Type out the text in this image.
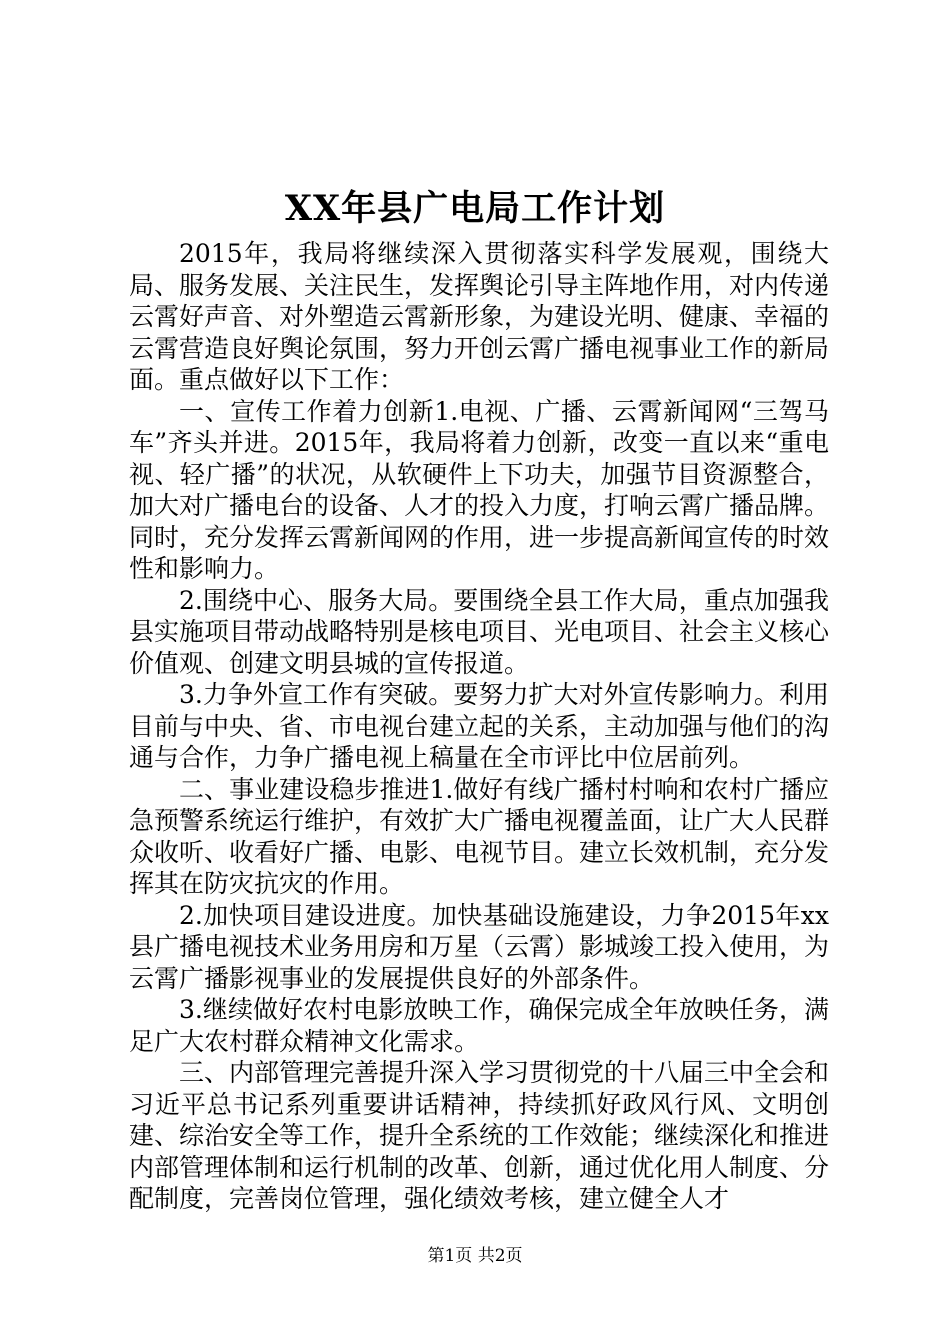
XX年县广电局工作计划

2015年，我局将继续深入贯彻落实科学发展观，围绕大局、服务发展、关注民生，发挥舆论引导主阵地作用，对内传递云霄好声音、对外塑造云霄新形象，为建设光明、健康、幸福的云霄营造良好舆论氛围，努力开创云霄广播电视事业工作的新局面。重点做好以下工作：

一、宣传工作着力创新1.电视、广播、云霄新闻网“三驾马车”齐头并进。2015年，我局将着力创新，改变一直以来“重电视、轻广播”的状况，从软硬件上下功夫，加强节目资源整合，加大对广播电台的设备、人才的投入力度，打响云霄广播品牌。同时，充分发挥云霄新闻网的作用，进一步提高新闻宣传的时效性和影响力。

2.围绕中心、服务大局。要围绕全县工作大局，重点加强我县实施项目带动战略特别是核电项目、光电项目、社会主义核心价值观、创建文明县城的宣传报道。

3.力争外宣工作有突破。要努力扩大对外宣传影响力。利用目前与中央、省、市电视台建立起的关系，主动加强与他们的沟通与合作，力争广播电视上稿量在全市评比中位居前列。

二、事业建设稳步推进1.做好有线广播村村响和农村广播应急预警系统运行维护，有效扩大广播电视覆盖面，让广大人民群众收听、收看好广播、电影、电视节目。建立长效机制，充分发挥其在防灾抗灾的作用。

2.加快项目建设进度。加快基础设施建设，力争2015年xx县广播电视技术业务用房和万星（云霄）影城竣工投入使用，为云霄广播影视事业的发展提供良好的外部条件。

3.继续做好农村电影放映工作，确保完成全年放映任务，满足广大农村群众精神文化需求。

三、内部管理完善提升深入学习贯彻党的十八届三中全会和习近平总书记系列重要讲话精神，持续抓好政风行风、文明创建、综治安全等工作，提升全系统的工作效能；继续深化和推进内部管理体制和运行机制的改革、创新，通过优化用人制度、分配制度，完善岗位管理，强化绩效考核，建立健全人才

第1页 共2页
